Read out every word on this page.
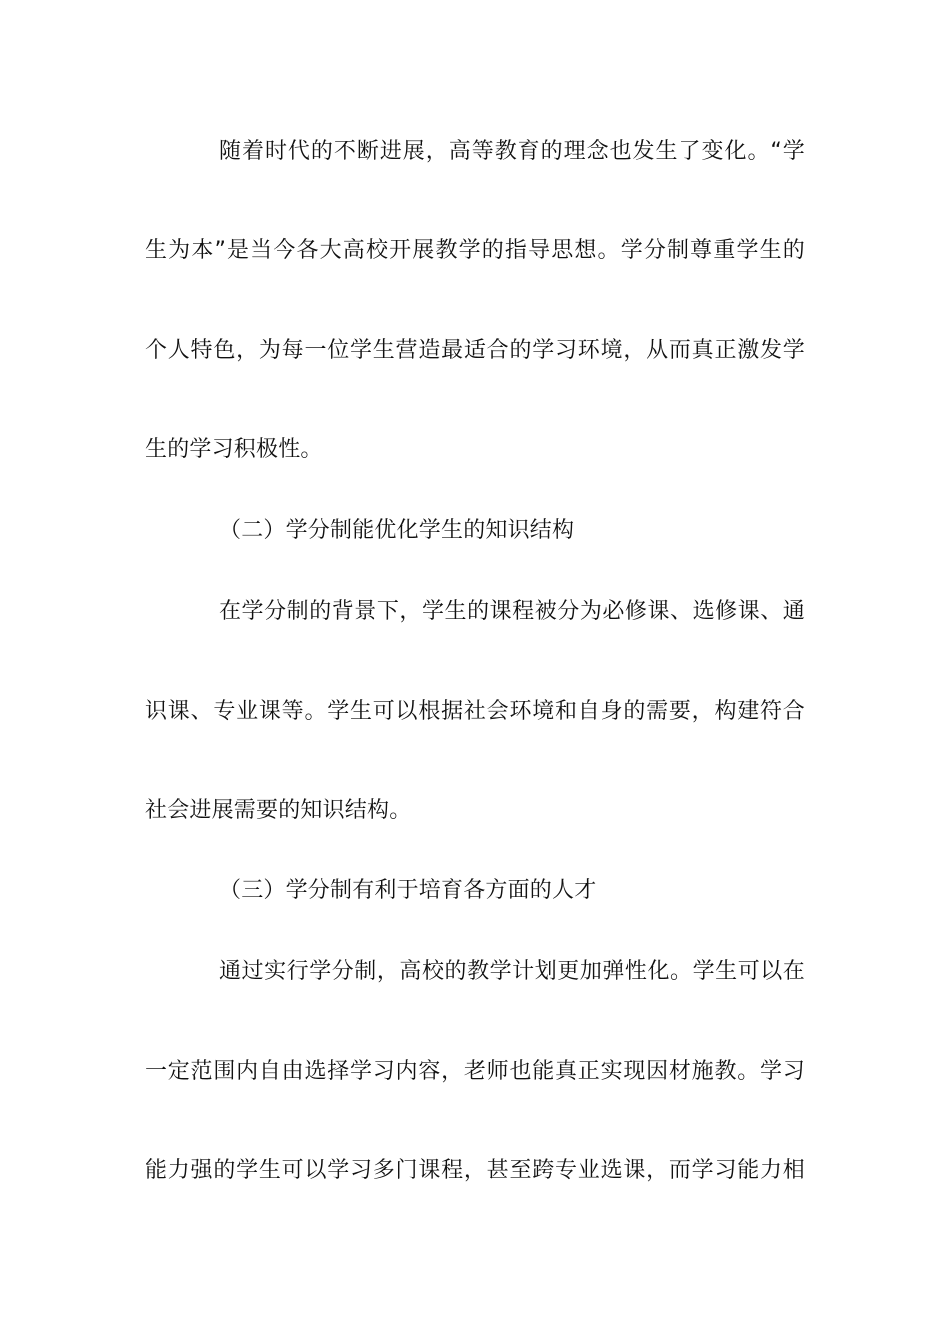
随着时代的不断进展，高等教育的理念也发生了变化。“学
生为本”是当今各大高校开展教学的指导思想。学分制尊重学生的
个人特色，为每一位学生营造最适合的学习环境，从而真正激发学
生的学习积极性。
（二）学分制能优化学生的知识结构
在学分制的背景下，学生的课程被分为必修课、选修课、通
识课、专业课等。学生可以根据社会环境和自身的需要，构建符合
社会进展需要的知识结构。
（三）学分制有利于培育各方面的人才
通过实行学分制，高校的教学计划更加弹性化。学生可以在
一定范围内自由选择学习内容，老师也能真正实现因材施教。学习
能力强的学生可以学习多门课程，甚至跨专业选课，而学习能力相
